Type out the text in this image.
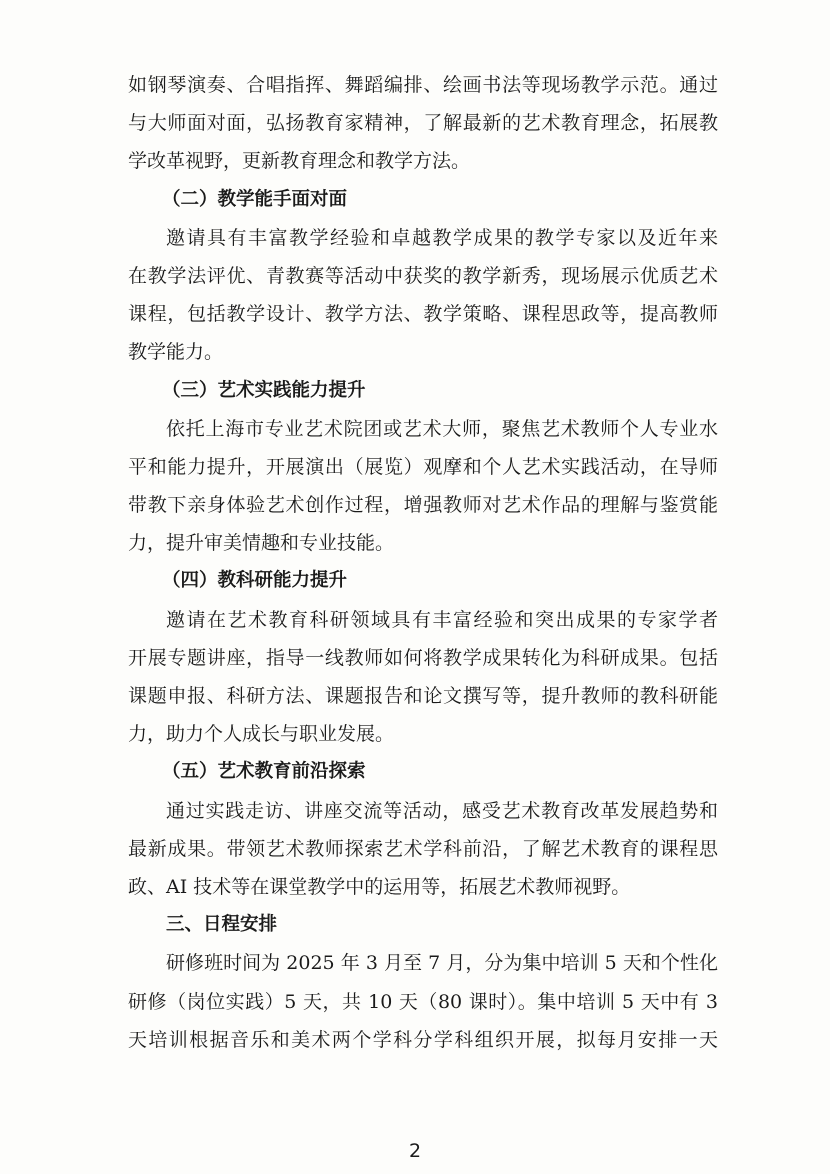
如钢琴演奏、合唱指挥、舞蹈编排、绘画书法等现场教学示范。通过
与大师面对面，弘扬教育家精神，了解最新的艺术教育理念，拓展教
学改革视野，更新教育理念和教学方法。
（二）教学能手面对面
邀请具有丰富教学经验和卓越教学成果的教学专家以及近年来
在教学法评优、青教赛等活动中获奖的教学新秀，现场展示优质艺术
课程，包括教学设计、教学方法、教学策略、课程思政等，提高教师
教学能力。
（三）艺术实践能力提升
依托上海市专业艺术院团或艺术大师，聚焦艺术教师个人专业水
平和能力提升，开展演出（展览）观摩和个人艺术实践活动，在导师
带教下亲身体验艺术创作过程，增强教师对艺术作品的理解与鉴赏能
力，提升审美情趣和专业技能。
（四）教科研能力提升
邀请在艺术教育科研领域具有丰富经验和突出成果的专家学者
开展专题讲座，指导一线教师如何将教学成果转化为科研成果。包括
课题申报、科研方法、课题报告和论文撰写等，提升教师的教科研能
力，助力个人成长与职业发展。
（五）艺术教育前沿探索
通过实践走访、讲座交流等活动，感受艺术教育改革发展趋势和
最新成果。带领艺术教师探索艺术学科前沿，了解艺术教育的课程思
政、AI 技术等在课堂教学中的运用等，拓展艺术教师视野。
三、日程安排
研修班时间为 2025 年 3 月至 7 月，分为集中培训 5 天和个性化
研修（岗位实践）5 天，共 10 天（80 课时）。集中培训 5 天中有 3
天培训根据音乐和美术两个学科分学科组织开展，拟每月安排一天
2
